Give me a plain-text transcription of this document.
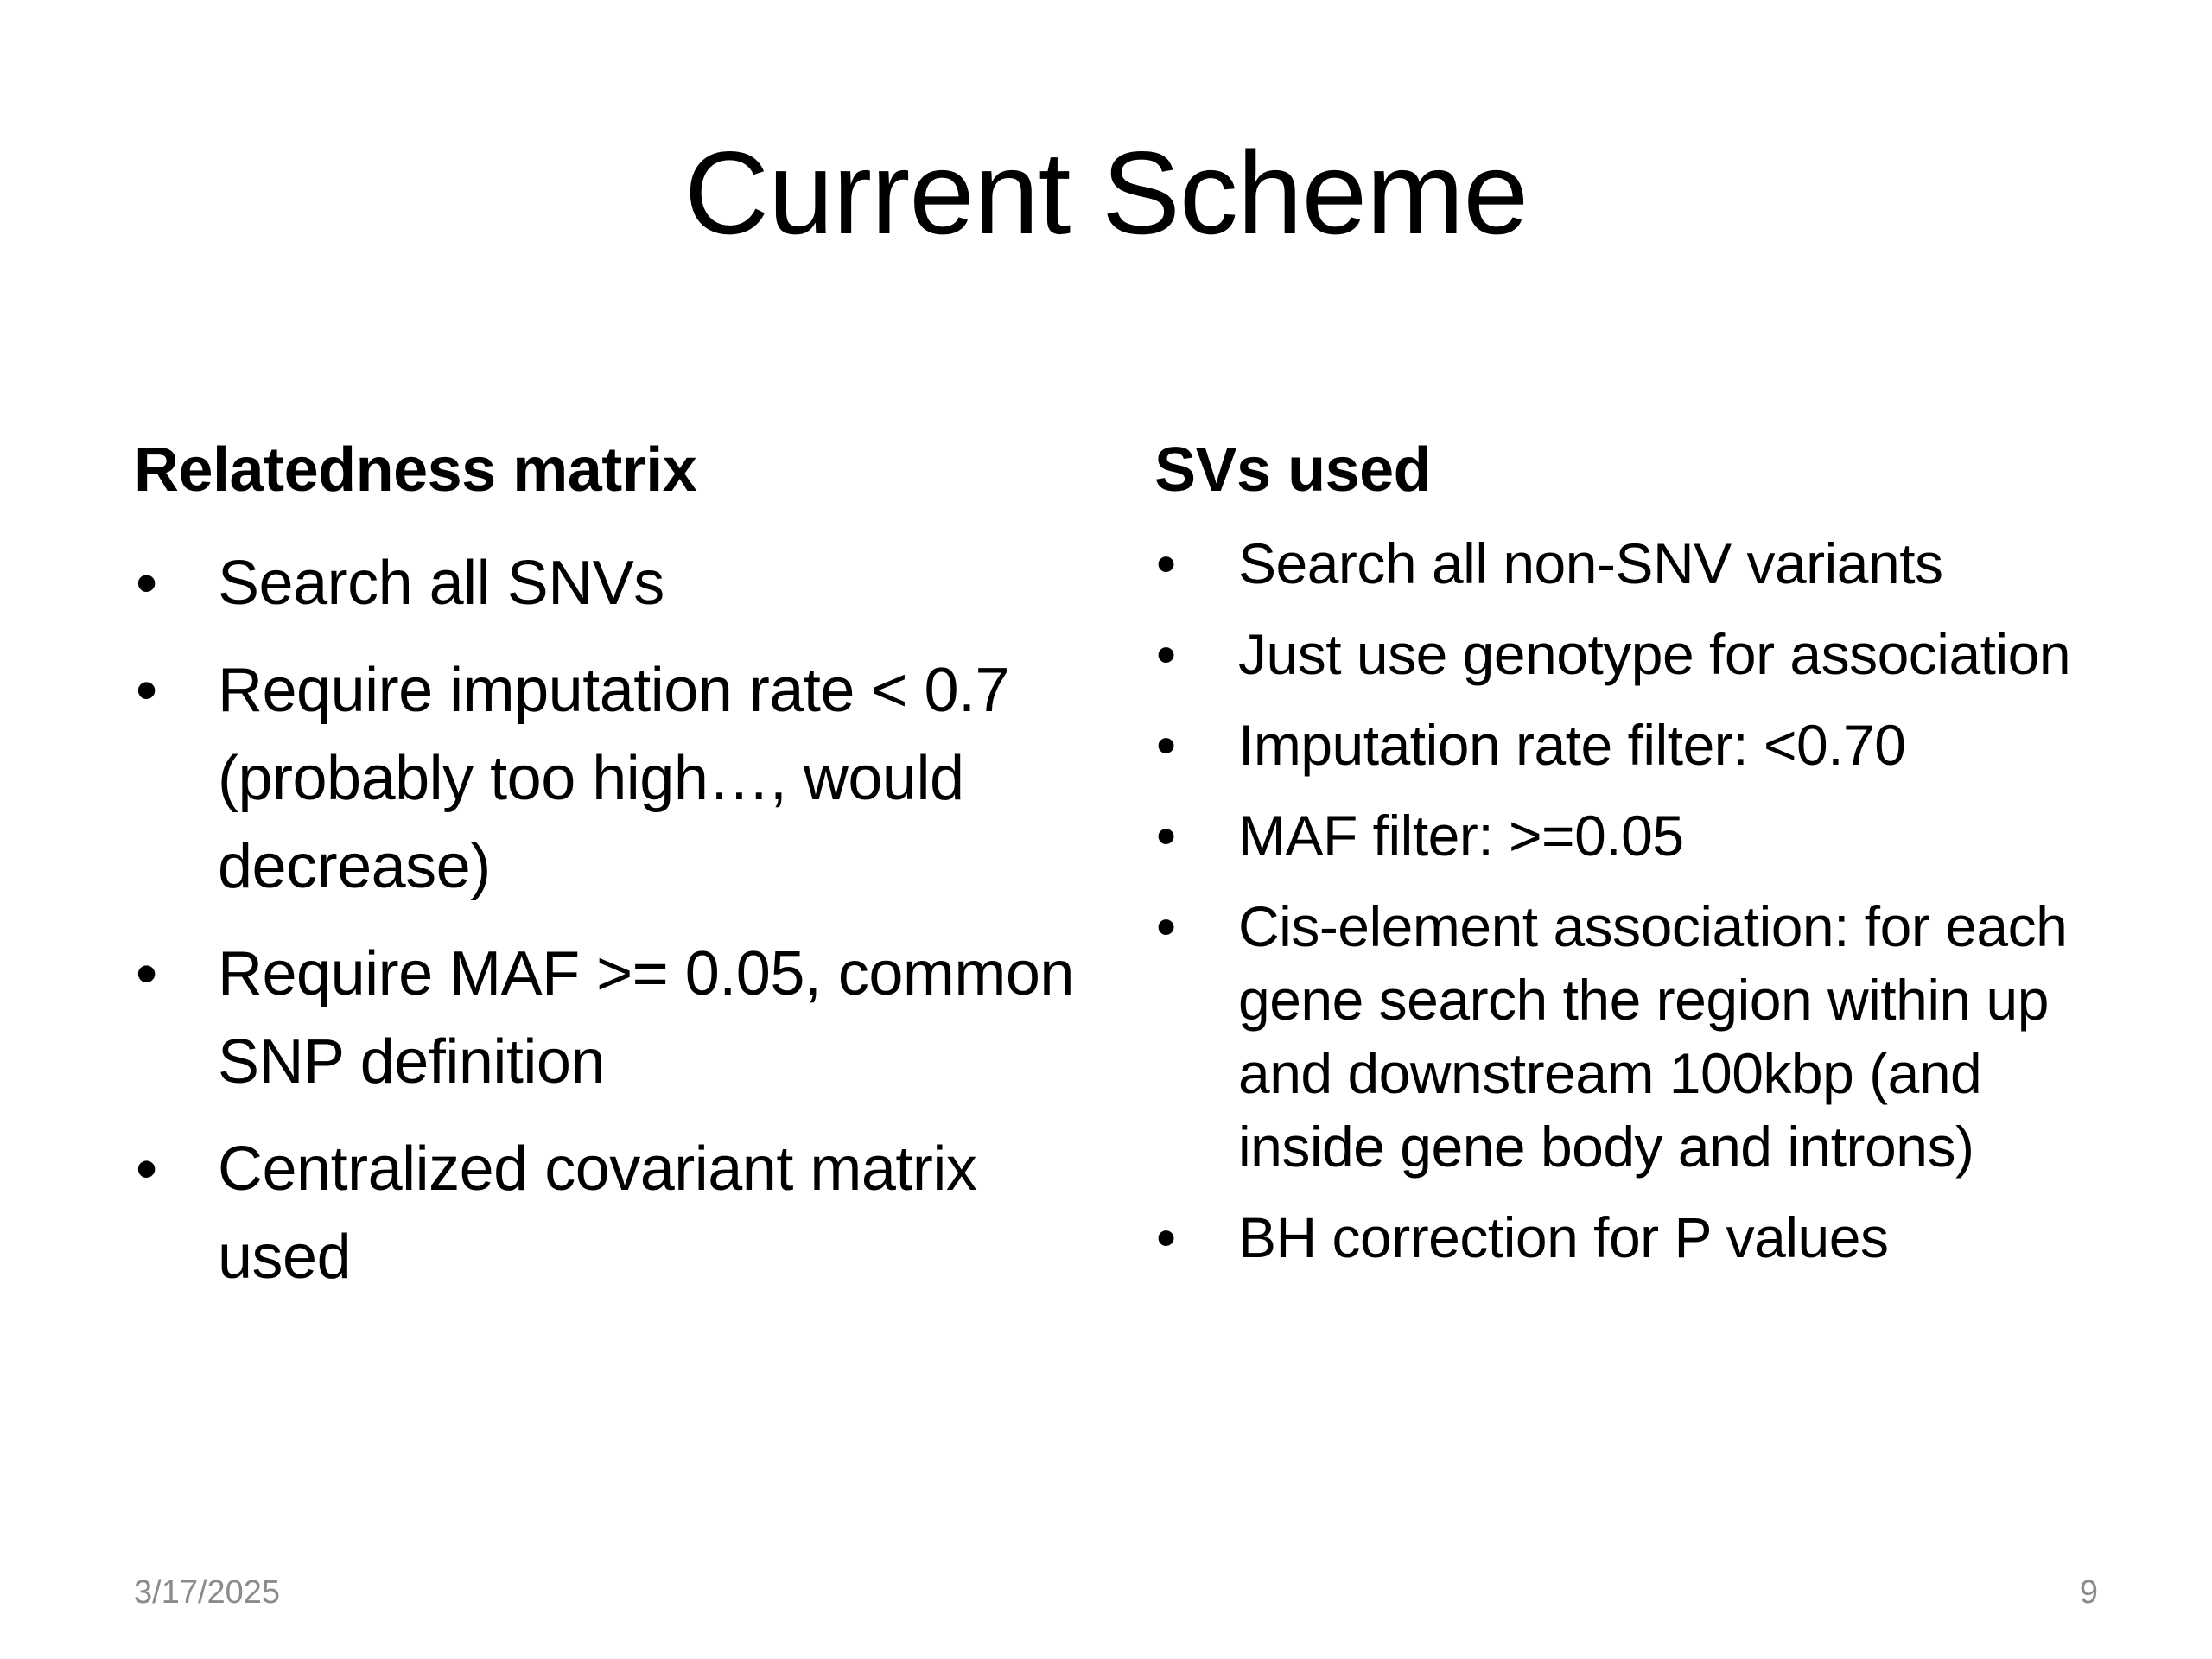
Current Scheme

Relatedness matrix

• Search all SNVs
• Require imputation rate < 0.7 (probably too high…, would decrease)
• Require MAF >= 0.05, common SNP definition
• Centralized covariant matrix used

SVs used

• Search all non-SNV variants
• Just use genotype for association
• Imputation rate filter: <0.70
• MAF filter: >=0.05
• Cis-element association: for each gene search the region within up and downstream 100kbp (and inside gene body and introns)
• BH correction for P values
3/17/2025	9
